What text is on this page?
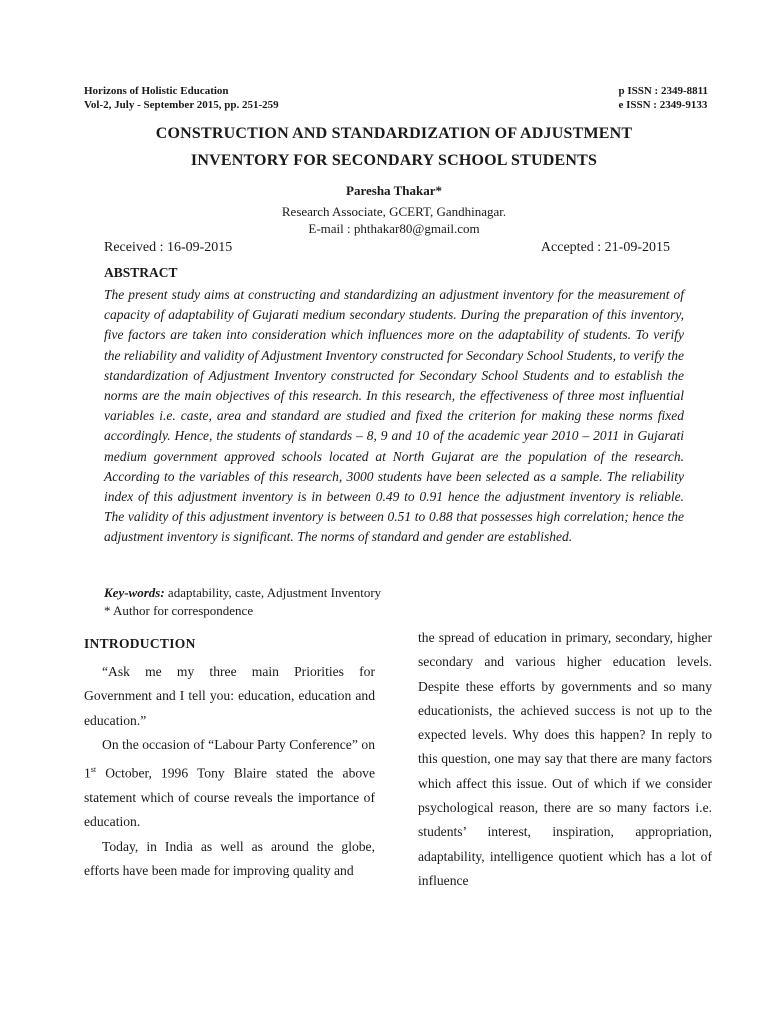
Horizons of Holistic Education
Vol-2, July - September 2015, pp. 251-259
p ISSN : 2349-8811
e ISSN : 2349-9133
CONSTRUCTION AND STANDARDIZATION OF ADJUSTMENT
INVENTORY FOR SECONDARY SCHOOL STUDENTS
Paresha Thakar*
Research Associate, GCERT, Gandhinagar.
E-mail : phthakar80@gmail.com
Received : 16-09-2015	Accepted : 21-09-2015
ABSTRACT
The present study aims at constructing and standardizing an adjustment inventory for the measurement of capacity of adaptability of Gujarati medium secondary students. During the preparation of this inventory, five factors are taken into consideration which influences more on the adaptability of students. To verify the reliability and validity of Adjustment Inventory constructed for Secondary School Students, to verify the standardization of Adjustment Inventory constructed for Secondary School Students and to establish the norms are the main objectives of this research. In this research, the effectiveness of three most influential variables i.e. caste, area and standard are studied and fixed the criterion for making these norms fixed accordingly. Hence, the students of standards – 8, 9 and 10 of the academic year 2010 – 2011 in Gujarati medium government approved schools located at North Gujarat are the population of the research. According to the variables of this research, 3000 students have been selected as a sample. The reliability index of this adjustment inventory is in between 0.49 to 0.91 hence the adjustment inventory is reliable. The validity of this adjustment inventory is between 0.51 to 0.88 that possesses high correlation; hence the adjustment inventory is significant. The norms of standard and gender are established.
Key-words: adaptability, caste, Adjustment Inventory
* Author for correspondence
INTRODUCTION

“Ask me my three main Priorities for Government and I tell you: education, education and education.”

On the occasion of “Labour Party Conference” on 1st October, 1996 Tony Blaire stated the above statement which of course reveals the importance of education.

Today, in India as well as around the globe, efforts have been made for improving quality and

the spread of education in primary, secondary, higher secondary and various higher education levels. Despite these efforts by governments and so many educationists, the achieved success is not up to the expected levels. Why does this happen? In reply to this question, one may say that there are many factors which affect this issue. Out of which if we consider psychological reason, there are so many factors i.e. students’ interest, inspiration, appropriation, adaptability, intelligence quotient which has a lot of influence
